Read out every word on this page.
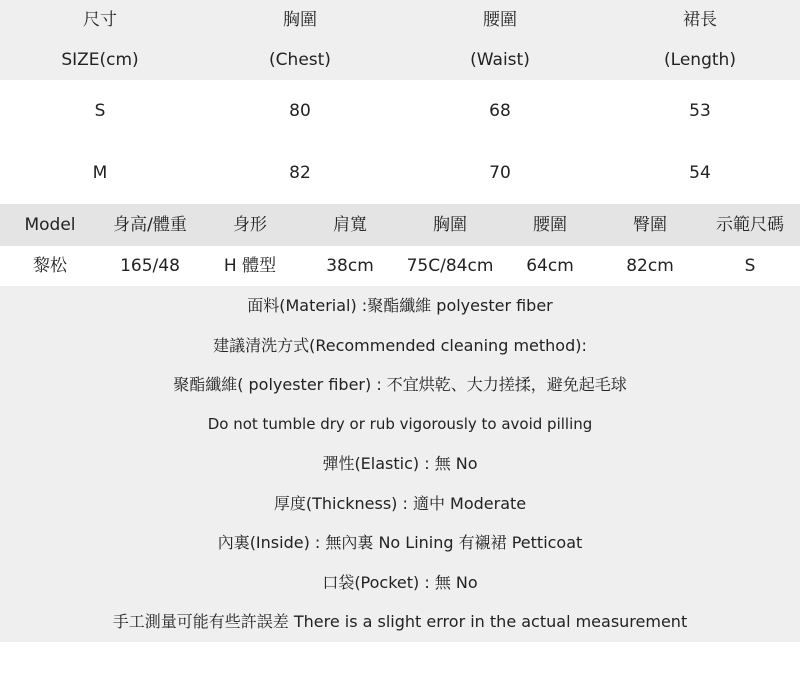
尺寸	胸圍	腰圍	裙長
SIZE(cm)	(Chest)	(Waist)	(Length)
S	80	68	53
M	82	70	54
Model	身高/體重	身形	肩寬	胸圍	腰圍	臀圍	示範尺碼
黎松	165/48	H 體型	38cm	75C/84cm	64cm	82cm	S
面料(Material) :聚酯纖維 polyester fiber
建議清洗方式(Recommended cleaning method):
聚酯纖維( polyester fiber) : 不宜烘乾、大力搓揉，避免起毛球
Do not tumble dry or rub vigorously to avoid pilling
彈性(Elastic) : 無 No
厚度(Thickness) : 適中 Moderate
內裏(Inside) : 無內裏 No Lining 有襯裙 Petticoat
口袋(Pocket) : 無 No
手工測量可能有些許誤差 There is a slight error in the actual measurement
